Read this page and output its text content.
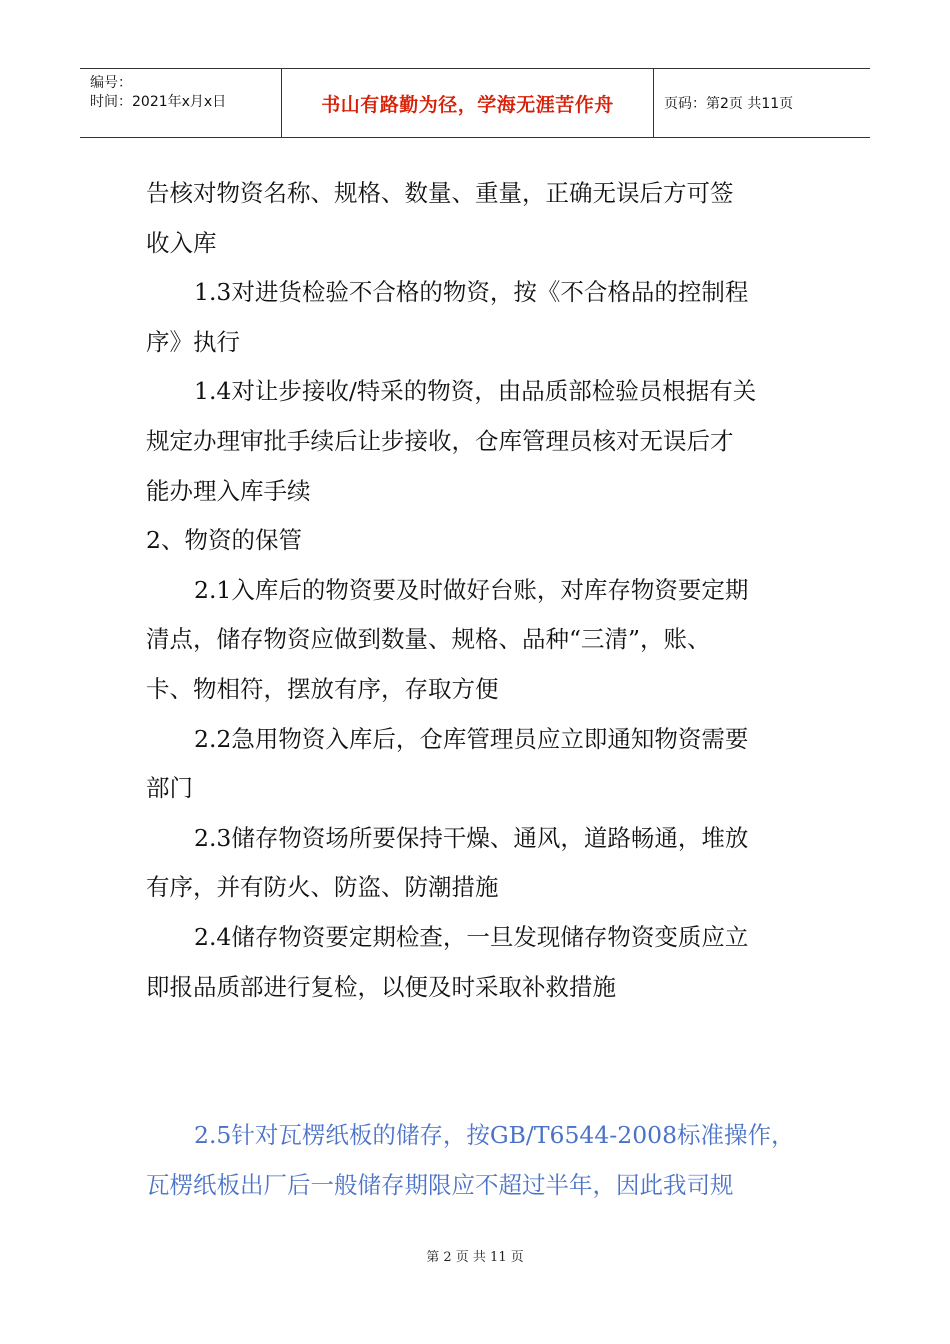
编号：
时间：2021年x月x日	书山有路勤为径，学海无涯苦作舟	页码：第2页 共11页
告核对物资名称、规格、数量、重量，正确无误后方可签
收入库
1.3对进货检验不合格的物资，按《不合格品的控制程
序》执行
1.4对让步接收/特采的物资，由品质部检验员根据有关
规定办理审批手续后让步接收，仓库管理员核对无误后才
能办理入库手续
2、物资的保管
2.1入库后的物资要及时做好台账，对库存物资要定期
清点，储存物资应做到数量、规格、品种“三清”，账、
卡、物相符，摆放有序，存取方便
2.2急用物资入库后，仓库管理员应立即通知物资需要
部门
2.3储存物资场所要保持干燥、通风，道路畅通，堆放
有序，并有防火、防盗、防潮措施
2.4储存物资要定期检查，一旦发现储存物资变质应立
即报品质部进行复检，以便及时采取补救措施
2.5针对瓦楞纸板的储存，按GB/T6544-2008标准操作，
瓦楞纸板出厂后一般储存期限应不超过半年，因此我司规
第 2 页 共 11 页
